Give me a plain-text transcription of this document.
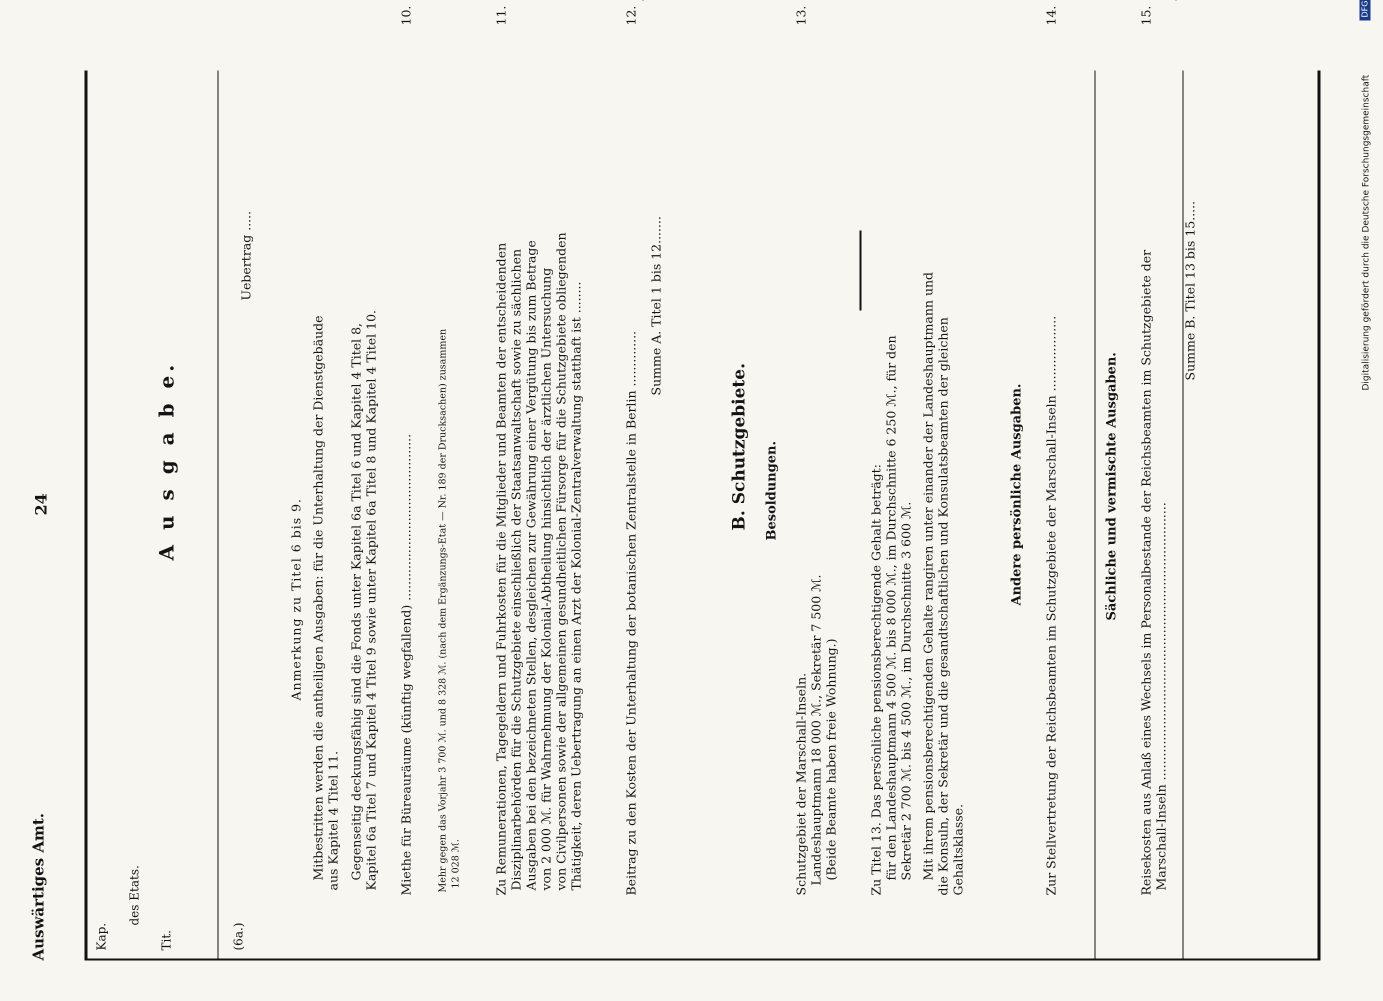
Auswärtiges Amt.
24
Kap.	Tit.
des Etats.
(6a.)
A u s g a b e.
Uebertrag .....
Anmerkung zu Titel 6 bis 9. Mitbestritten werden die antheiligen Ausgaben: für die Unterhaltung der Dienstgebäude aus Kapitel 4 Titel 11. Gegenseitig deckungsfähig sind die Fonds unter Kapitel 6a Titel 6 und Kapitel 4 Titel 8, Kapitel 6a Titel 7 und Kapitel 4 Titel 9 sowie unter Kapitel 6a Titel 8 und Kapitel 4 Titel 10.
10.
Miethe für Büreauräume (künftig wegfallend) ..........................................	Mehr gegen das Vorjahr 3 700 ℳ. und 8 328 ℳ. (nach dem Ergänzungs-Etat — Nr. 189 der Drucksachen) zusammen 12 028 ℳ.
11.
Zu Remunerationen, Tagegeldern und Fuhrkosten für die Mitglieder und Beamten der entscheidenden Disziplinarbehörden für die Schutzgebiete einschließlich der Staatsanwaltschaft sowie zu sächlichen Ausgaben bei den bezeichneten Stellen, desgleichen zur Gewährung einer Vergütung bis zum Betrage von 2 000 ℳ. für Wahrnehmung der Kolonial-Abtheilung hinsichtlich der ärztlichen Untersuchung von Civilpersonen sowie der allgemeinen gesundheitlichen Fürsorge für die Schutzgebiete obliegenden Thätigkeit, deren Uebertragung an einen Arzt der Kolonial-Zentralverwaltung statthaft ist ........
12.
Beitrag zu den Kosten der Unterhaltung der botanischen Zentralstelle in Berlin ..............
Summe A. Titel 1 bis 12.......
B. Schutzgebiete. Besoldungen.
13.
Schutzgebiet der Marschall-Inseln. Landeshauptmann 18 000 ℳ., Sekretär 7 500 ℳ. (Beide Beamte haben freie Wohnung.) Zu Titel 13. Das persönliche pensionsberechtigende Gehalt beträgt: für den Landeshauptmann 4 500 ℳ. bis 8 000 ℳ., im Durchschnitte 6 250 ℳ., für den Sekretär 2 700 ℳ. bis 4 500 ℳ., im Durchschnitte 3 600 ℳ. Mit ihrem pensionsberechtigenden Gehalte rangiren unter einander der Landeshauptmann und die Konsuln, der Sekretär und die gesandtschaftlichen und Konsulatsbeamten der gleichen Gehaltsklasse.
Andere persönliche Ausgaben.
14.
Zur Stellvertretung der Reichsbeamten im Schutzgebiete der Marschall-Inseln ...................	Sächliche und vermischte Ausgaben.
15.
Reisekosten aus Anlaß eines Wechsels im Personalbestande der Reichsbeamten im Schutzgebiete der Marschall-Inseln ......................................................................
Summe B. Titel 13 bis 15.....	Digitalisierung gefördert durch die Deutsche Forschungsgemeinschaft
DFG
